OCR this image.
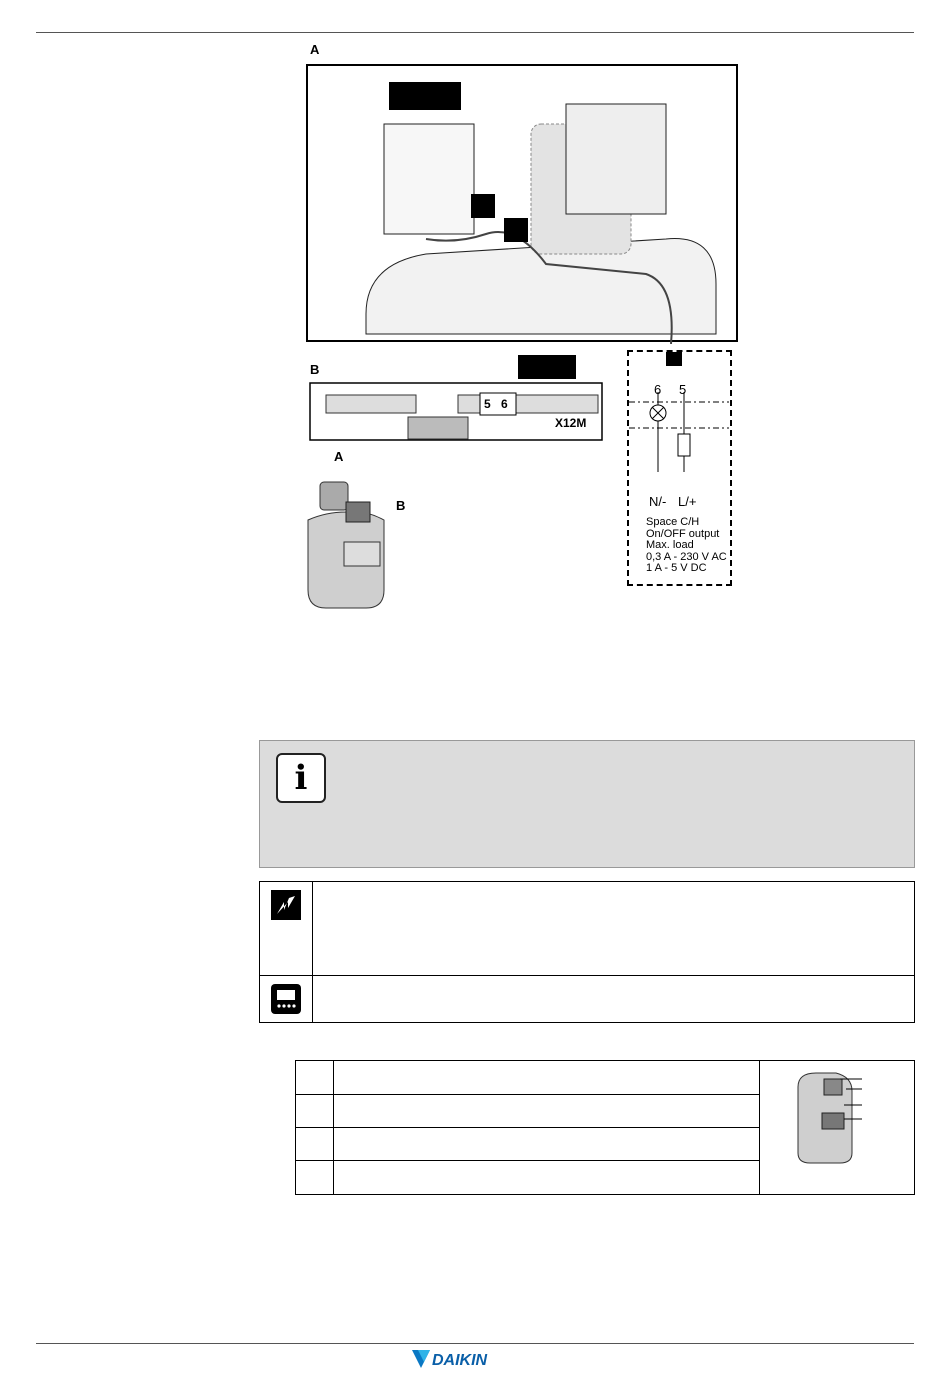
A
B
5 6
X12M
6 5
N/- L/+
Space C/H
On/OFF output
Max. load
0,3 A - 230 V AC
1 A - 5 V DC
A
B
i
DAIKIN
